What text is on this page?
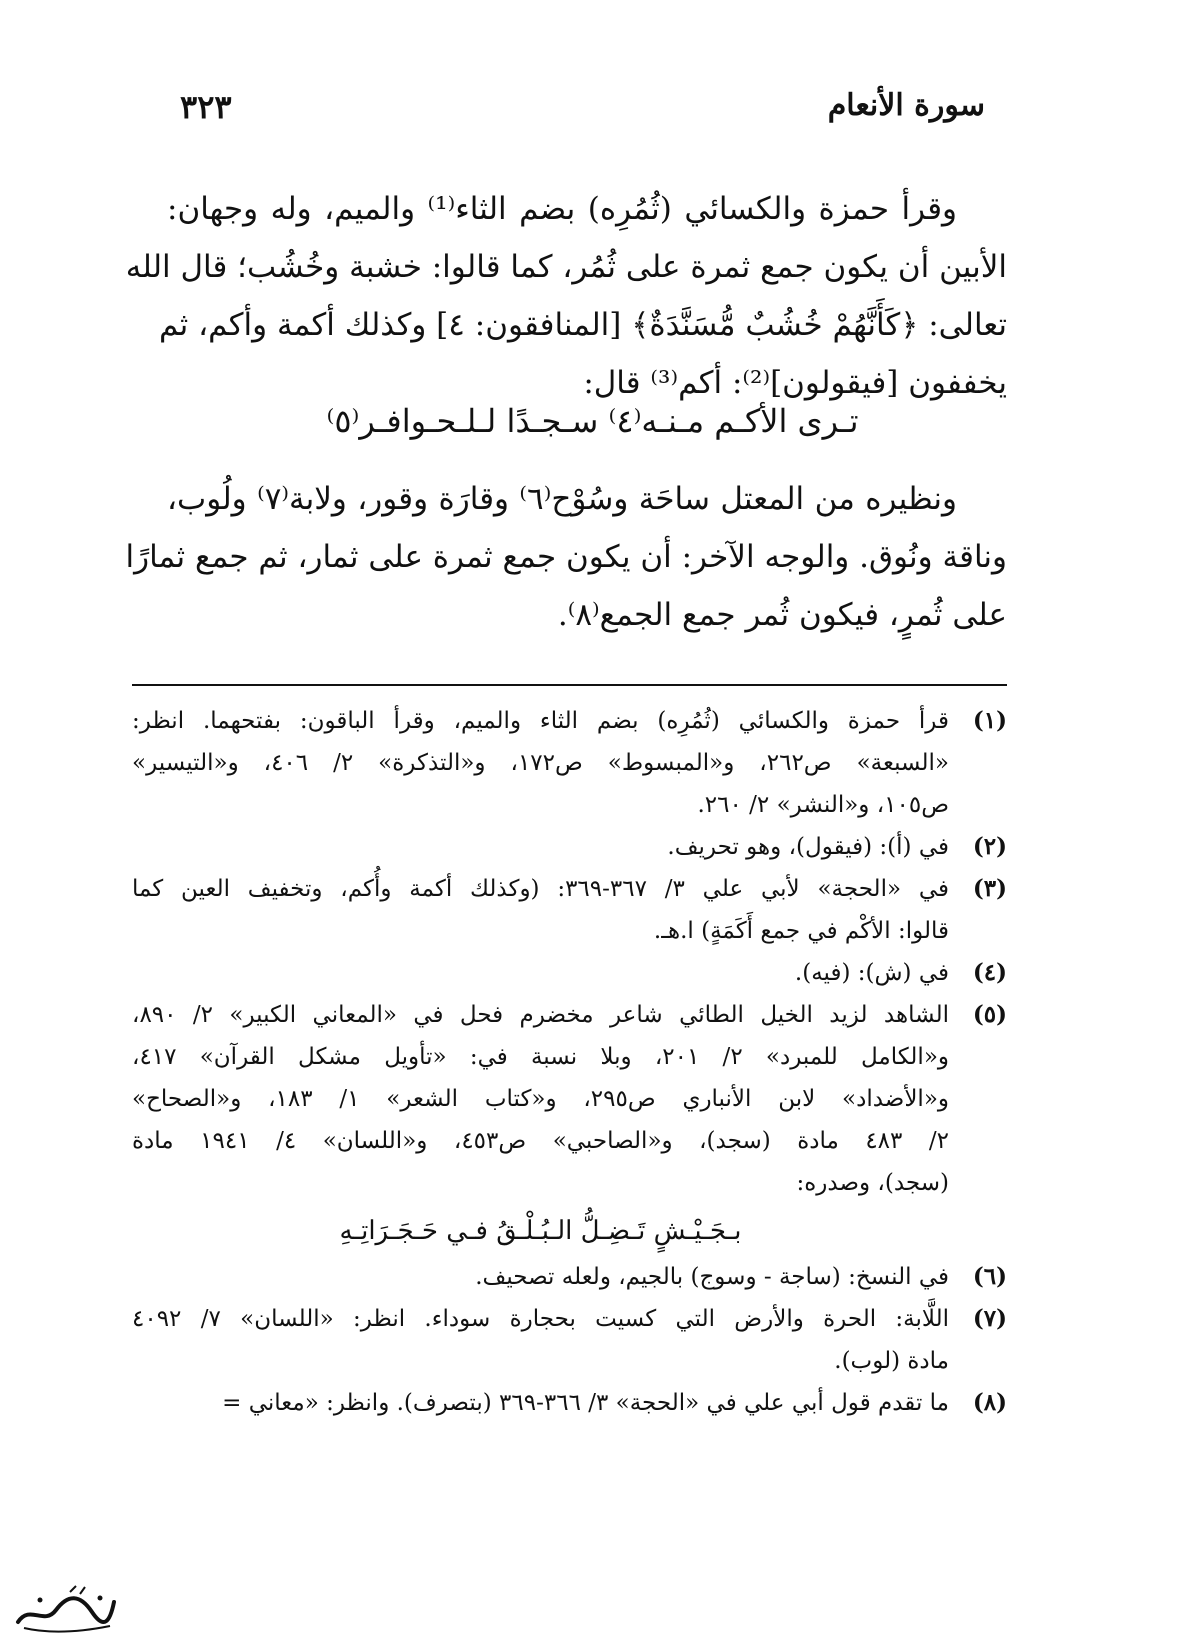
سورة الأنعام
٣٢٣
وقرأ حمزة والكسائي (ثُمُرِه) بضم الثاء⁽¹⁾ والميم، وله وجهان:
الأبين أن يكون جمع ثمرة على ثُمُر، كما قالوا: خشبة وخُشُب؛ قال الله
تعالى: ﴿كَأَنَّهُمْ خُشُبٌ مُّسَنَّدَةٌ﴾ [المنافقون: ٤] وكذلك أكمة وأكم، ثم
يخففون [فيقولون]⁽²⁾: أكم⁽³⁾ قال:
تـرى الأكـم مـنـه⁽٤⁾ سـجـدًا لـلـحـوافـر⁽٥⁾
ونظيره من المعتل ساحَة وسُوْح⁽٦⁾ وقارَة وقور، ولابة⁽٧⁾ ولُوب،
وناقة ونُوق. والوجه الآخر: أن يكون جمع ثمرة على ثمار، ثم جمع ثمارًا
على ثُمرٍ، فيكون ثُمر جمع الجمع⁽٨⁾.
(١)
قرأ حمزة والكسائي (ثُمُرِه) بضم الثاء والميم، وقرأ الباقون: بفتحهما. انظر:
«السبعة» ص٢٦٢، و«المبسوط» ص١٧٢، و«التذكرة» ٢/ ٤٠٦، و«التيسير»
ص١٠٥، و«النشر» ٢/ ٢٦٠.
(٢)
في (أ): (فيقول)، وهو تحريف.
(٣)
في «الحجة» لأبي علي ٣/ ٣٦٧-٣٦٩: (وكذلك أكمة وأُكم، وتخفيف العين كما
قالوا: الأكْم في جمع أَكَمَةٍ) ا.هـ.
(٤)
في (ش): (فيه).
(٥)
الشاهد لزيد الخيل الطائي شاعر مخضرم فحل في «المعاني الكبير» ٢/ ٨٩٠،
و«الكامل للمبرد» ٢/ ٢٠١، وبلا نسبة في: «تأويل مشكل القرآن» ٤١٧،
و«الأضداد» لابن الأنباري ص٢٩٥، و«كتاب الشعر» ١/ ١٨٣، و«الصحاح»
٢/ ٤٨٣ مادة (سجد)، و«الصاحبي» ص٤٥٣، و«اللسان» ٤/ ١٩٤١ مادة
(سجد)، وصدره:
بـجَـيْـشٍ تَـضِـلُّ الـبُـلْـقُ فـي حَـجَـرَاتِـهِ
(٦)
في النسخ: (ساجة - وسوج) بالجيم، ولعله تصحيف.
(٧)
اللَّابة: الحرة والأرض التي كسيت بحجارة سوداء. انظر: «اللسان» ٧/ ٤٠٩٢
مادة (لوب).
(٨)
ما تقدم قول أبي علي في «الحجة» ٣/ ٣٦٦-٣٦٩ (بتصرف). وانظر: «معاني =
